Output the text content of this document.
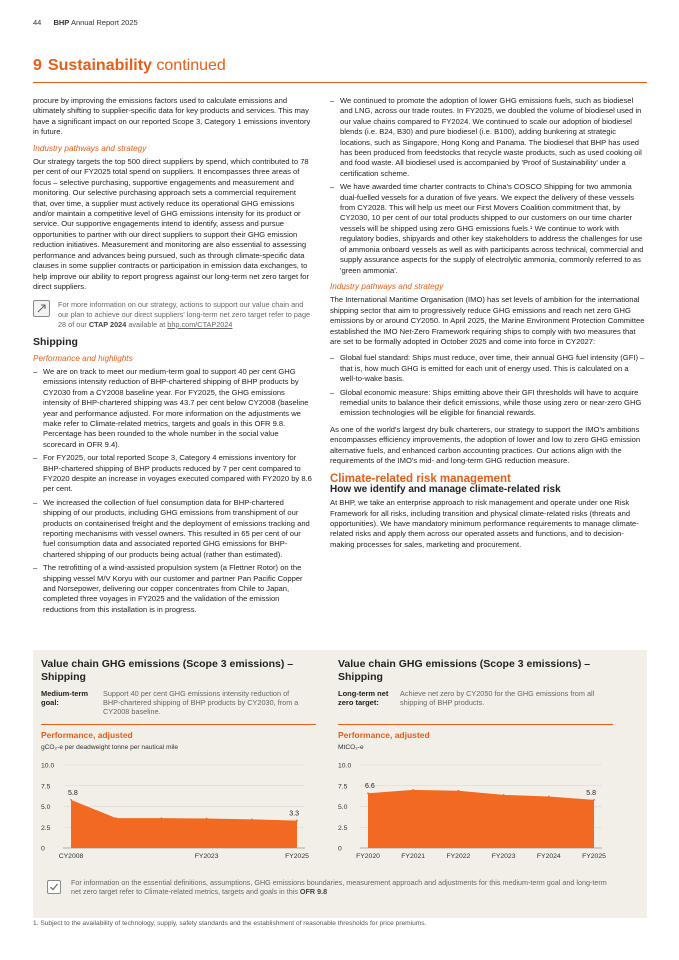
44 BHP Annual Report 2025
9 Sustainability continued

procure by improving the emissions factors used to calculate emissions and ultimately shifting to supplier-specific data for key products and services. This may have a significant impact on our reported Scope 3, Category 1 emissions inventory in future.

Industry pathways and strategy

Our strategy targets the top 500 direct suppliers by spend, which contributed to 78 per cent of our FY2025 total spend on suppliers. It encompasses three areas of focus – selective purchasing, supportive engagements and measurement and monitoring. Our selective purchasing approach sets a commercial requirement that, over time, a supplier must actively reduce its operational GHG emissions and/or maintain a competitive level of GHG emissions intensity for its product or service. Our supportive engagements intend to identify, assess and pursue opportunities to partner with our direct suppliers to support their GHG emission reduction initiatives. Measurement and monitoring are also essential to assessing performance and advances being pursued, such as through climate-specific data clauses in some supplier contracts or participation in emission data exchanges, to help improve our ability to report progress against our long-term net zero target for direct suppliers.

For more information on our strategy, actions to support our value chain and our plan to achieve our direct suppliers' long-term net zero target refer to page 28 of our CTAP 2024 available at bhp.com/CTAP2024
Shipping
Performance and highlights
– We are on track to meet our medium-term goal to support 40 per cent GHG emissions intensity reduction of BHP-chartered shipping of BHP products by CY2030 from a CY2008 baseline year. For FY2025, the GHG emissions intensity of BHP-chartered shipping was 43.7 per cent below CY2008 (baseline year and performance adjusted. For more information on the adjustments we make refer to Climate-related metrics, targets and goals in this OFR 9.8. Percentage has been rounded to the whole number in the social value scorecard in OFR 9.4).
– For FY2025, our total reported Scope 3, Category 4 emissions inventory for BHP-chartered shipping of BHP products reduced by 7 per cent compared to FY2020 despite an increase in voyages executed compared with FY2020 by 8.6 per cent.
– We increased the collection of fuel consumption data for BHP-chartered shipping of our products, including GHG emissions from transhipment of our products on containerised freight and the deployment of emissions tracking and reporting mechanisms with vessel owners. This resulted in 65 per cent of our fuel consumption data and associated reported GHG emissions for BHP-chartered shipping of our products being actual (rather than estimated).
– The retrofitting of a wind-assisted propulsion system (a Flettner Rotor) on the shipping vessel M/V Koryu with our customer and partner Pan Pacific Copper and Norsepower, delivering our copper concentrates from Chile to Japan, completed three voyages in FY2025 and the validation of the emission reductions from this installation is in progress.
– We continued to promote the adoption of lower GHG emissions fuels, such as biodiesel and LNG, across our trade routes. In FY2025, we doubled the volume of biodiesel used in our value chains compared to FY2024. We continued to scale our adoption of biodiesel blends (i.e. B24, B30) and pure biodiesel (i.e. B100), adding bunkering at strategic locations, such as Singapore, Hong Kong and Panama. The biodiesel that BHP has used has been produced from feedstocks that recycle waste products, such as used cooking oil and food waste. All biodiesel used is accompanied by 'Proof of Sustainability' under a certification scheme.
– We have awarded time charter contracts to China's COSCO Shipping for two ammonia dual-fuelled vessels for a duration of five years. We expect the delivery of these vessels from CY2028. This will help us meet our First Movers Coalition commitment that, by CY2030, 10 per cent of our total products shipped to our customers on our time charter vessels will be shipped using zero GHG emissions fuels.¹ We continue to work with regulatory bodies, shipyards and other key stakeholders to address the challenges for use of ammonia onboard vessels as well as with participants across technical, commercial and supply assurance aspects for the supply of electrolytic ammonia, commonly referred to as 'green ammonia'.
Industry pathways and strategy

The International Maritime Organisation (IMO) has set levels of ambition for the international shipping sector that aim to progressively reduce GHG emissions and reach net zero GHG emissions by or around CY2050. In April 2025, the Marine Environment Protection Committee established the IMO Net-Zero Framework requiring ships to comply with two measures that are set to be formally adopted in October 2025 and come into force in CY2027:

– Global fuel standard: Ships must reduce, over time, their annual GHG fuel intensity (GFI) – that is, how much GHG is emitted for each unit of energy used. This is calculated on a well-to-wake basis.
– Global economic measure: Ships emitting above their GFI thresholds will have to acquire remedial units to balance their deficit emissions, while those using zero or near-zero GHG emission technologies will be eligible for financial rewards.

As one of the world's largest dry bulk charterers, our strategy to support the IMO's ambitions encompasses efficiency improvements, the adoption of lower and low to zero GHG emission alternative fuels, and enhanced carbon accounting practices. Our actions align with the requirements of the IMO's mid- and long-term GHG reduction measure.

Climate-related risk management
How we identify and manage climate-related risk

At BHP, we take an enterprise approach to risk management and operate under one Risk Framework for all risks, including transition and physical climate-related risks (threats and opportunities). We have mandatory minimum performance requirements to manage climate-related risks and apply them across our operated assets and functions, and to decision-making processes for sales, marketing and procurement.

Value chain GHG emissions (Scope 3 emissions) – Shipping
Medium-term goal:
Support 40 per cent GHG emissions intensity reduction of BHP-chartered shipping of BHP products by CY2030, from a CY2008 baseline.
Performance, adjusted
gCO₂-e per deadweight tonne per nautical mile
0
2.5
5.0
7.5
10.0
5.8
3.3
CY2008	FY2023	FY2025
Value chain GHG emissions (Scope 3 emissions) – Shipping
Long-term net zero target:
Achieve net zero by CY2050 for the GHG emissions from all shipping of BHP products.
Performance, adjusted
MtCO₂-e
0
2.5
5.0
7.5
10.0
6.6
5.8
FY2020	FY2021	FY2022	FY2023	FY2024	FY2025
For information on the essential definitions, assumptions, GHG emissions boundaries, measurement approach and adjustments for this medium-term goal and long-term net zero target refer to Climate-related metrics, targets and goals in this OFR 9.8
1. Subject to the availability of technology, supply, safety standards and the establishment of reasonable thresholds for price premiums.
